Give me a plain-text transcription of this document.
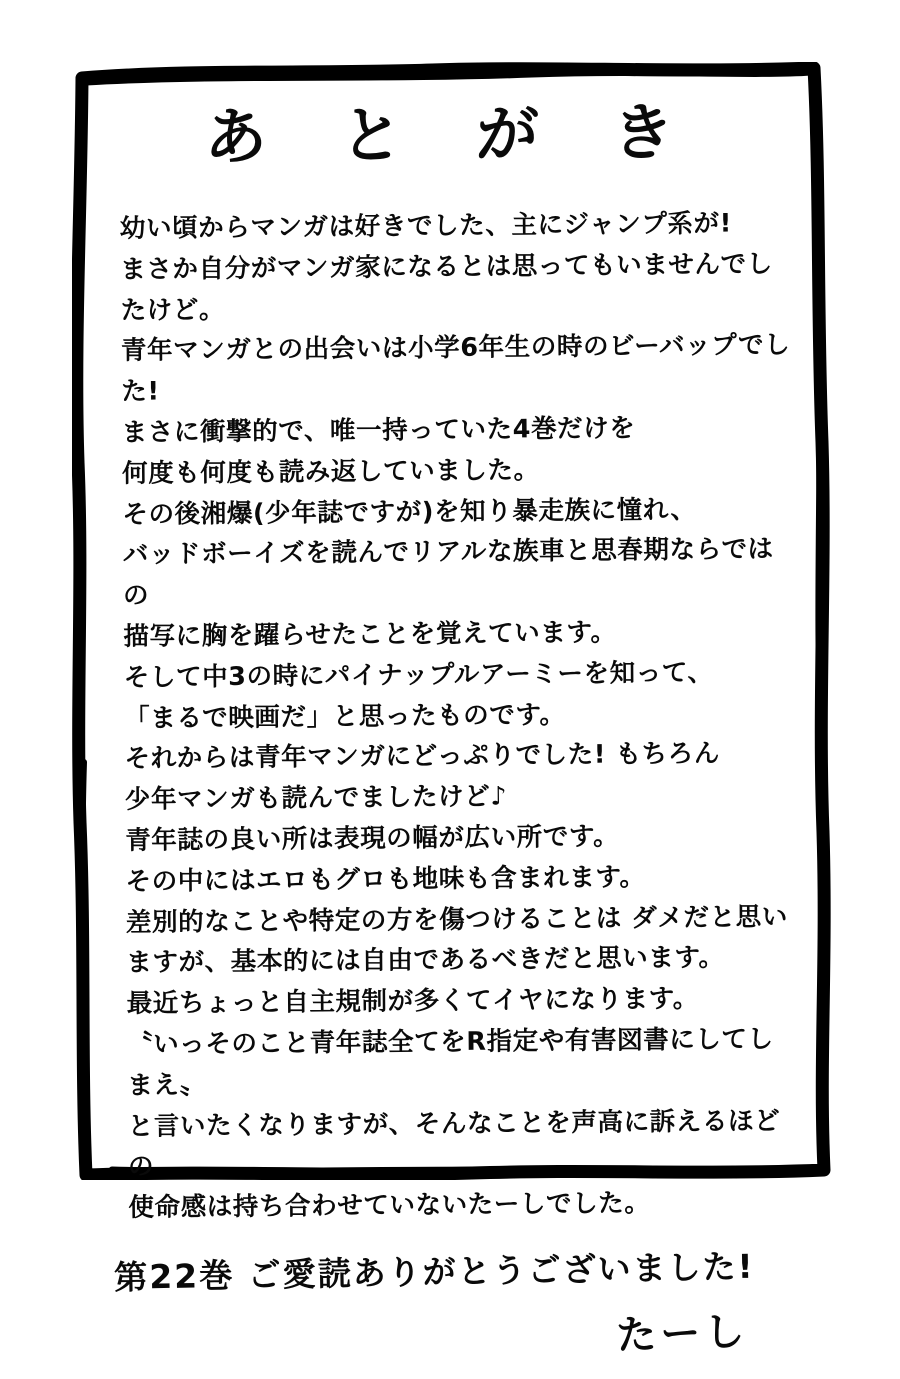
あ と が き

幼い頃からマンガは好きでした、主にジャンプ系が!
まさか自分がマンガ家になるとは思ってもいませんでしたけど。
青年マンガとの出会いは小学6年生の時のビーバップでした!
まさに衝撃的で、唯一持っていた4巻だけを
何度も何度も読み返していました。
その後湘爆(少年誌ですが)を知り暴走族に憧れ、
バッドボーイズを読んでリアルな族車と思春期ならではの
描写に胸を躍らせたことを覚えています。
そして中3の時にパイナップルアーミーを知って、
「まるで映画だ」と思ったものです。
それからは青年マンガにどっぷりでした! もちろん
少年マンガも読んでましたけど♪
青年誌の良い所は表現の幅が広い所です。
その中にはエロもグロも地味も含まれます。
差別的なことや特定の方を傷つけることは ダメだと思い
ますが、基本的には自由であるべきだと思います。
最近ちょっと自主規制が多くてイヤになります。
〝いっそのこと青年誌全てをR指定や有害図書にしてしまえ〟
と言いたくなりますが、そんなことを声高に訴えるほどの
使命感は持ち合わせていないたーしでした。

第22巻 ご愛読ありがとうございました!

たーし
